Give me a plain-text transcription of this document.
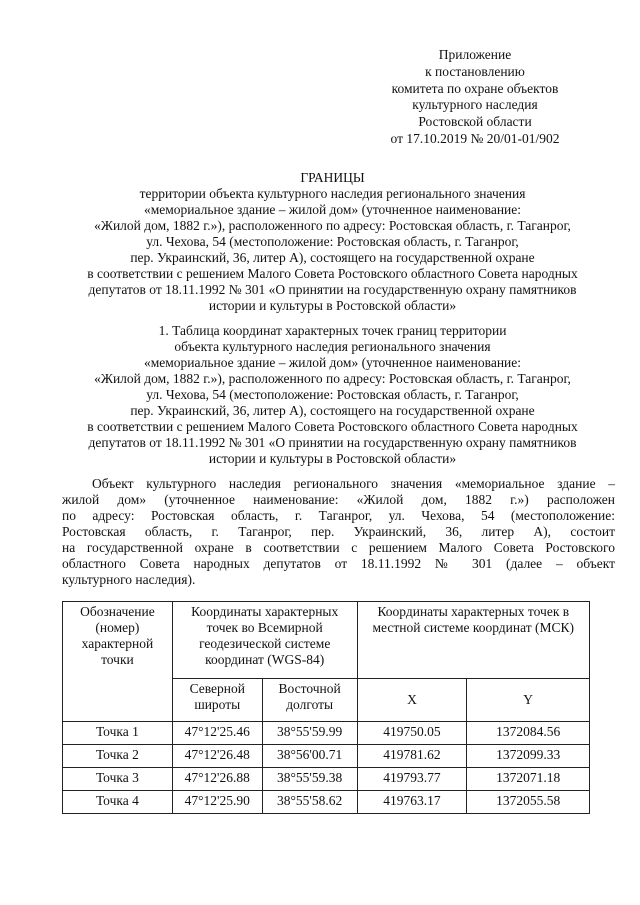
Приложение
к постановлению
комитета по охране объектов
культурного наследия
Ростовской области
от 17.10.2019 № 20/01-01/902
ГРАНИЦЫ
территории объекта культурного наследия регионального значения
«мемориальное здание – жилой дом» (уточненное наименование:
«Жилой дом, 1882 г.»), расположенного по адресу: Ростовская область, г. Таганрог,
ул. Чехова, 54 (местоположение: Ростовская область, г. Таганрог,
пер. Украинский, 36, литер А), состоящего на государственной охране
в соответствии с решением Малого Совета Ростовского областного Совета народных
депутатов от 18.11.1992 № 301 «О принятии на государственную охрану памятников
истории и культуры в Ростовской области»
1. Таблица координат характерных точек границ территории
объекта культурного наследия регионального значения
«мемориальное здание – жилой дом» (уточненное наименование:
«Жилой дом, 1882 г.»), расположенного по адресу: Ростовская область, г. Таганрог,
ул. Чехова, 54 (местоположение: Ростовская область, г. Таганрог,
пер. Украинский, 36, литер А), состоящего на государственной охране
в соответствии с решением Малого Совета Ростовского областного Совета народных
депутатов от 18.11.1992 № 301 «О принятии на государственную охрану памятников
истории и культуры в Ростовской области»
Объект культурного наследия регионального значения «мемориальное здание –
жилой дом» (уточненное наименование: «Жилой дом, 1882 г.») расположен
по адресу: Ростовская область, г. Таганрог, ул. Чехова, 54 (местоположение:
Ростовская область, г. Таганрог, пер. Украинский, 36, литер А), состоит
на государственной охране в соответствии с решением Малого Совета Ростовского
областного Совета народных депутатов от 18.11.1992 № 301 (далее – объект
культурного наследия).
Обозначение (номер) характерной точки	Координаты характерных точек во Всемирной геодезической системе координат (WGS-84)		Координаты характерных точек в местной системе координат (МСК)	
	Северной широты	Восточной долготы	X	Y
Точка 1	47°12'25.46	38°55'59.99	419750.05	1372084.56
Точка 2	47°12'26.48	38°56'00.71	419781.62	1372099.33
Точка 3	47°12'26.88	38°55'59.38	419793.77	1372071.18
Точка 4	47°12'25.90	38°55'58.62	419763.17	1372055.58
